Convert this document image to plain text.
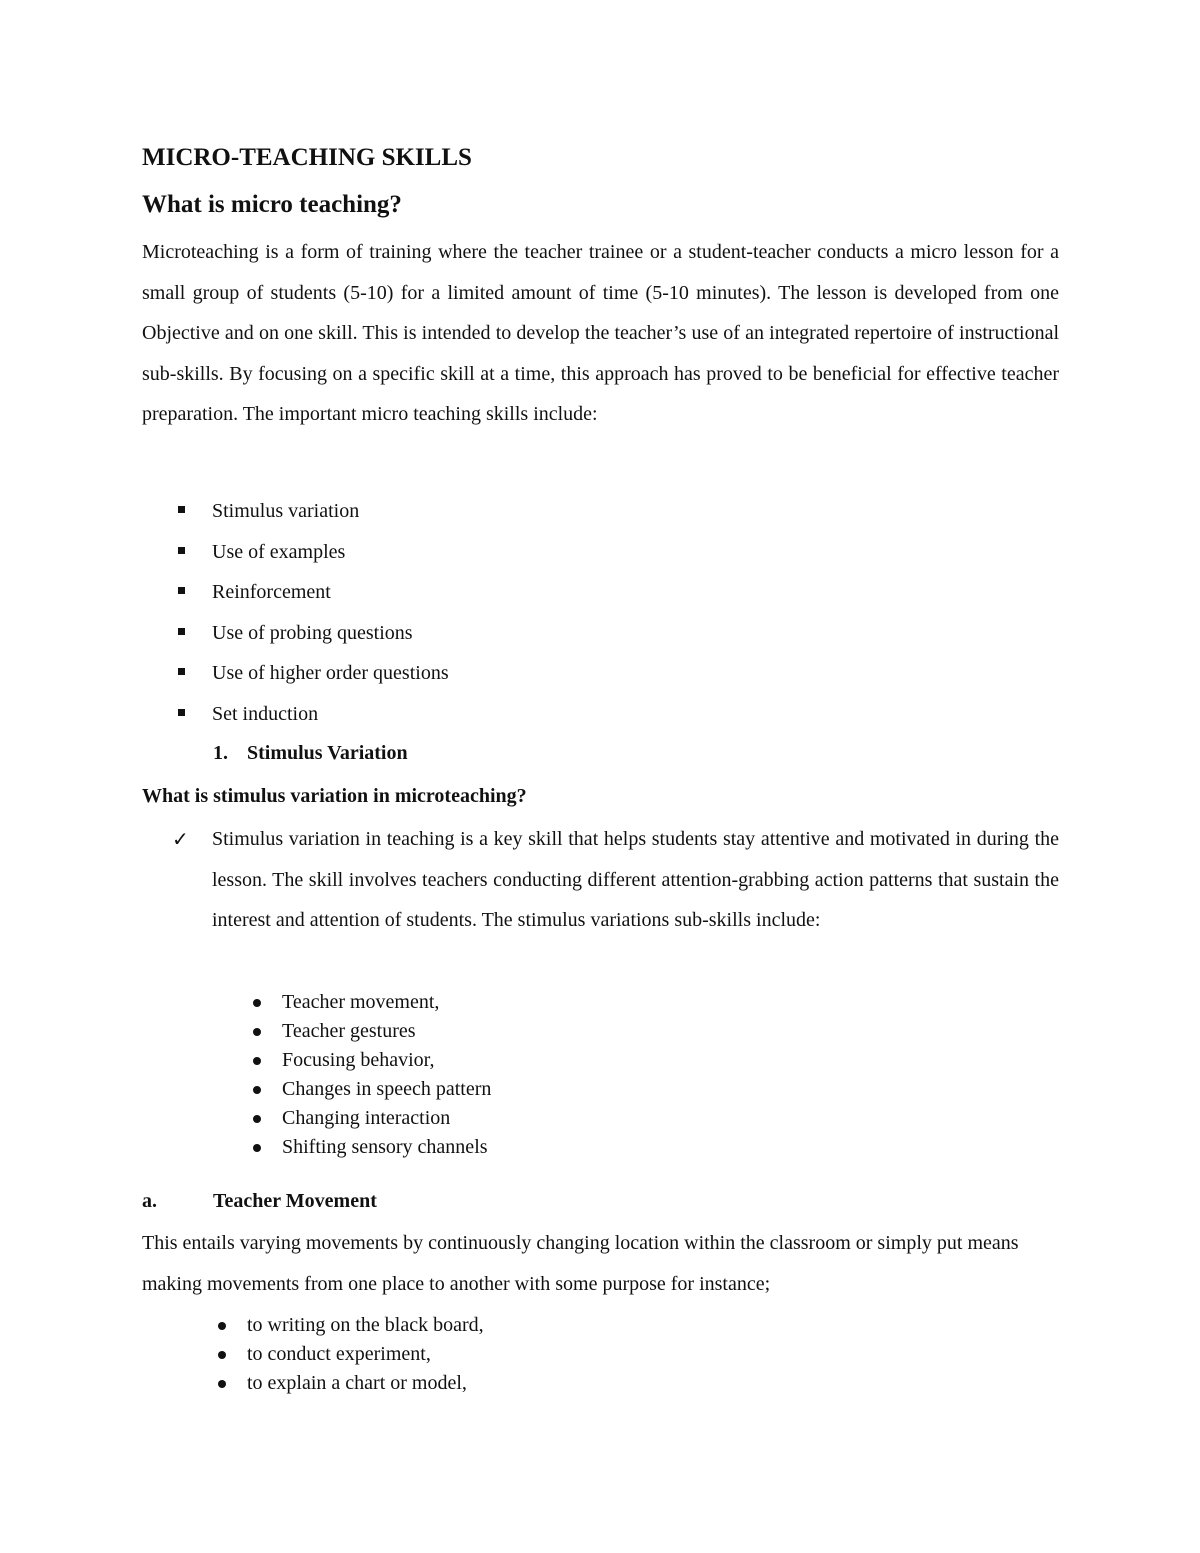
MICRO-TEACHING SKILLS
What is micro teaching?
Microteaching is a form of training where the teacher trainee or a student-teacher conducts a micro lesson for a small group of students (5-10) for a limited amount of time (5-10 minutes). The lesson is developed from one Objective and on one skill. This is intended to develop the teacher’s use of an integrated repertoire of instructional sub-skills. By focusing on a specific skill at a time, this approach has proved to be beneficial for effective teacher preparation. The important micro teaching skills include:
Stimulus variation
Use of examples
Reinforcement
Use of probing questions
Use of higher order questions
Set induction
1. Stimulus Variation
What is stimulus variation in microteaching?
✓ Stimulus variation in teaching is a key skill that helps students stay attentive and motivated in during the lesson. The skill involves teachers conducting different attention-grabbing action patterns that sustain the interest and attention of students. The stimulus variations sub-skills include:
Teacher movement,
Teacher gestures
Focusing behavior,
Changes in speech pattern
Changing interaction
Shifting sensory channels
a.	Teacher Movement
This entails varying movements by continuously changing location within the classroom or simply put means making movements from one place to another with some purpose for instance;
to writing on the black board,
to conduct experiment,
to explain a chart or model,
